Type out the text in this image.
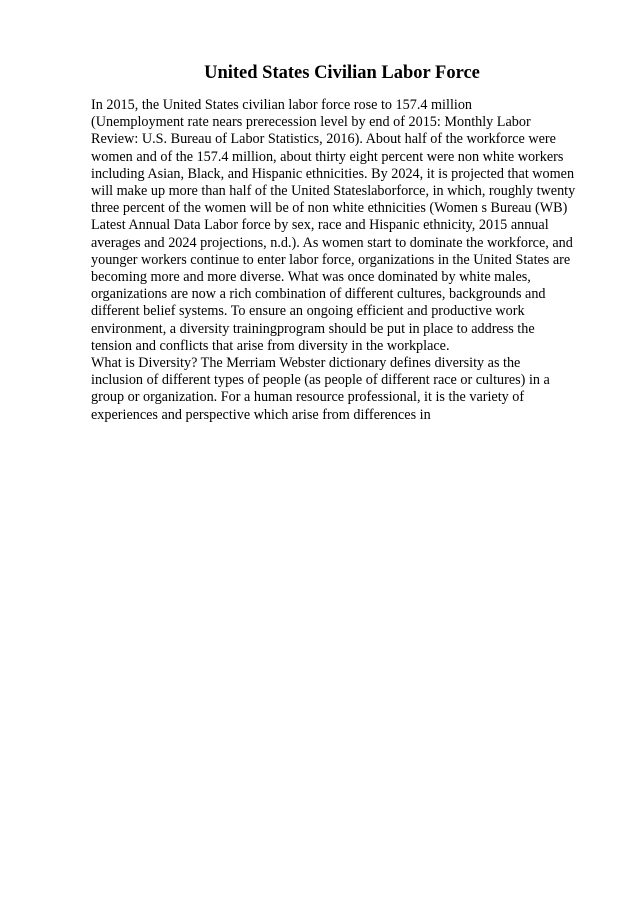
United States Civilian Labor Force
In 2015, the United States civilian labor force rose to 157.4 million
(Unemployment rate nears prerecession level by end of 2015: Monthly Labor
Review: U.S. Bureau of Labor Statistics, 2016). About half of the workforce were
women and of the 157.4 million, about thirty eight percent were non white workers
including Asian, Black, and Hispanic ethnicities. By 2024, it is projected that women
will make up more than half of the United Stateslaborforce, in which, roughly twenty
three percent of the women will be of non white ethnicities (Women s Bureau (WB)
Latest Annual Data Labor force by sex, race and Hispanic ethnicity, 2015 annual
averages and 2024 projections, n.d.). As women start to dominate the workforce, and
younger workers continue to enter labor force, organizations in the United States are
becoming more and more diverse. What was once dominated by white males,
organizations are now a rich combination of different cultures, backgrounds and
different belief systems. To ensure an ongoing efficient and productive work
environment, a diversity trainingprogram should be put in place to address the
tension and conflicts that arise from diversity in the workplace.
What is Diversity? The Merriam Webster dictionary defines diversity as the
inclusion of different types of people (as people of different race or cultures) in a
group or organization. For a human resource professional, it is the variety of
experiences and perspective which arise from differences in
